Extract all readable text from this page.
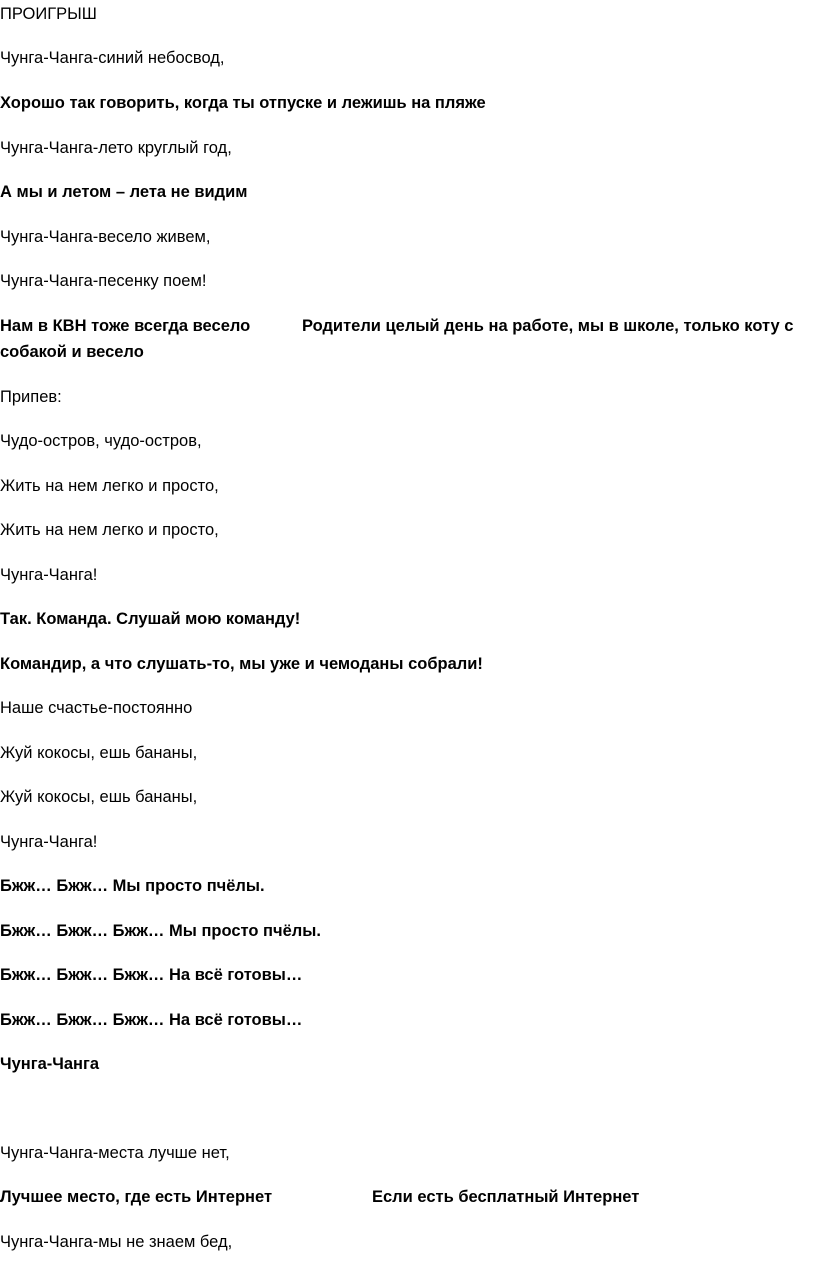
ПРОИГРЫШ

Чунга-Чанга-синий небосвод,

Хорошо так говорить, когда ты отпуске и лежишь на пляже

Чунга-Чанга-лето круглый год,

А мы и летом – лета не видим

Чунга-Чанга-весело живем,

Чунга-Чанга-песенку поем!

Нам в КВН тоже всегда весело	Родители целый день на работе, мы в школе, только коту с
собакой и весело

Припев:

Чудо-остров, чудо-остров,

Жить на нем легко и просто,

Жить на нем легко и просто,

Чунга-Чанга!

Так. Команда. Слушай мою команду!

Командир, а что слушать-то, мы уже и чемоданы собрали!

Наше счастье-постоянно

Жуй кокосы, ешь бананы,

Жуй кокосы, ешь бананы,

Чунга-Чанга!

Бжж… Бжж… Мы просто пчёлы.

Бжж… Бжж… Бжж… Мы просто пчёлы.

Бжж… Бжж… Бжж… На всё готовы…

Бжж… Бжж… Бжж… На всё готовы…

Чунга-Чанга

Чунга-Чанга-места лучше нет,

Лучшее место, где есть Интернет	Если есть бесплатный Интернет

Чунга-Чанга-мы не знаем бед,
